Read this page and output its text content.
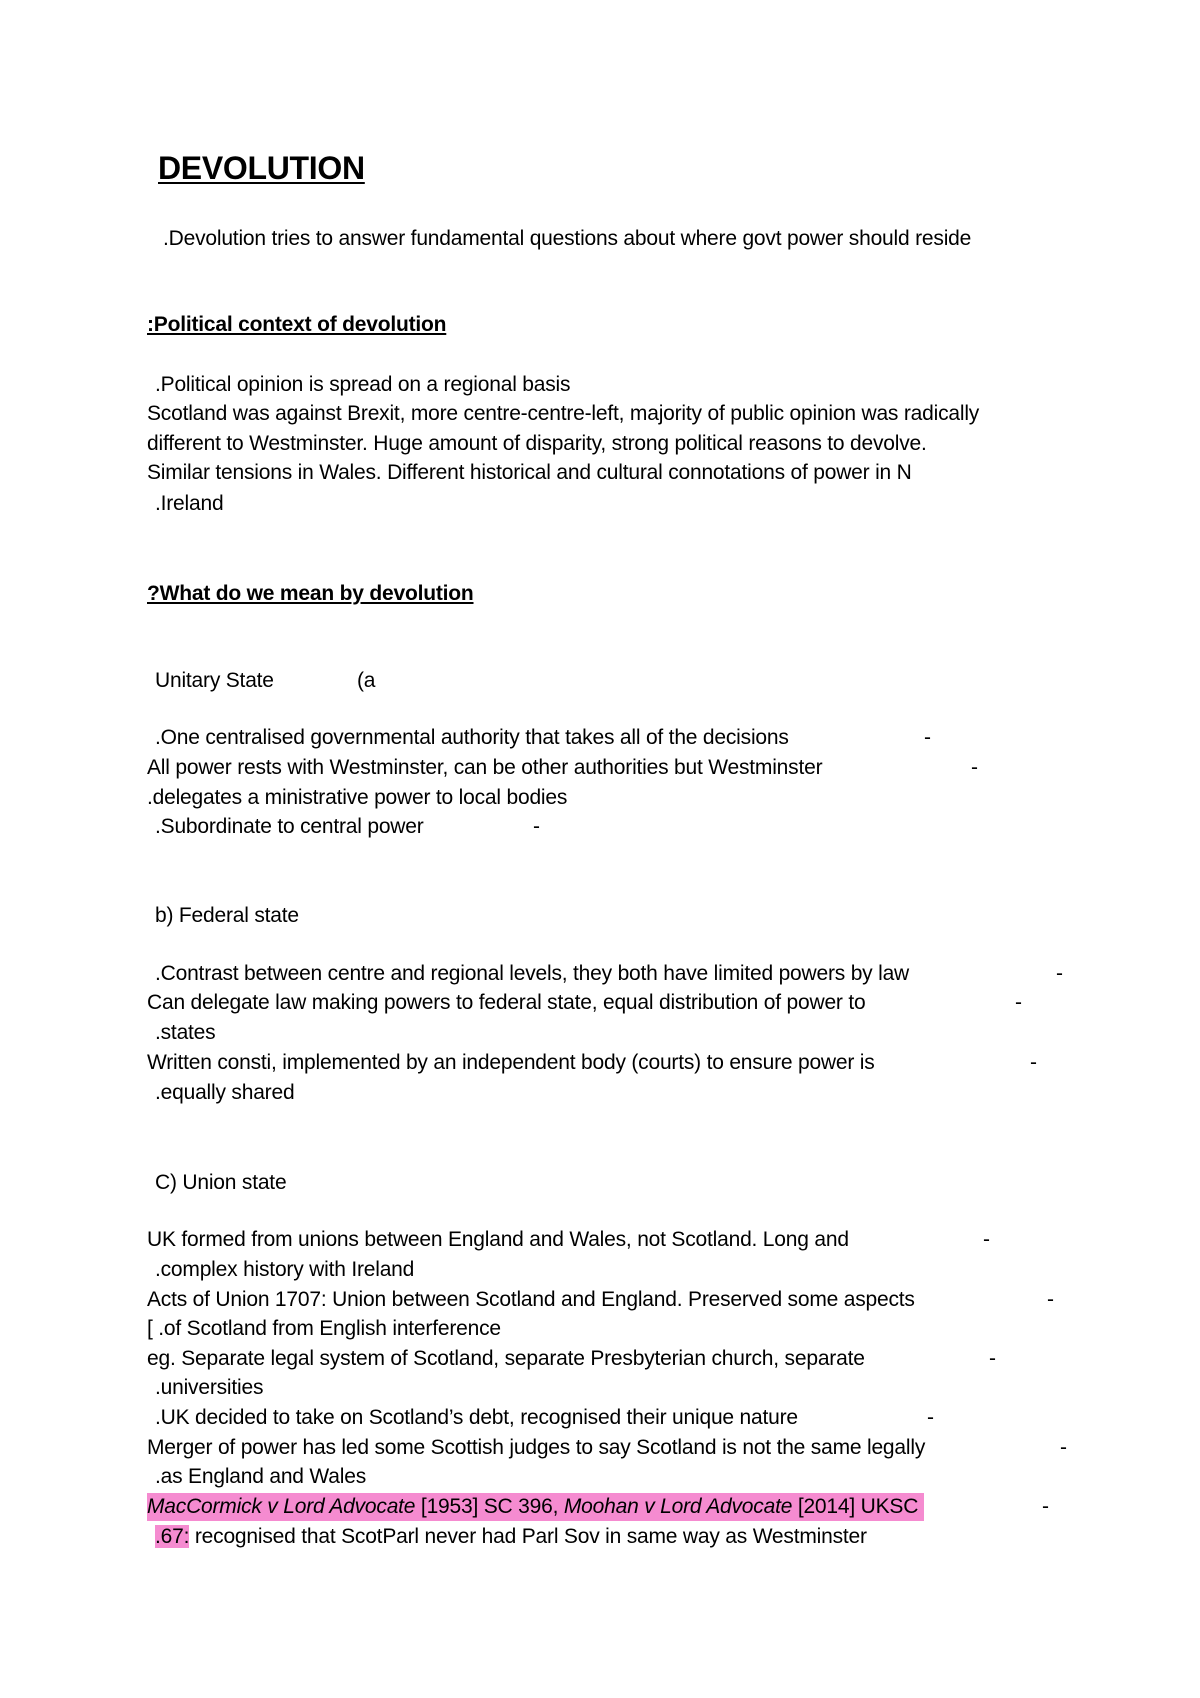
DEVOLUTION
.Devolution tries to answer fundamental questions about where govt power should reside
:Political context of devolution
.Political opinion is spread on a regional basis
Scotland was against Brexit, more centre-centre-left, majority of public opinion was radically
different to Westminster. Huge amount of disparity, strong political reasons to devolve.
Similar tensions in Wales. Different historical and cultural connotations of power in N
.Ireland
?What do we mean by devolution
Unitary State	(a
.One centralised governmental authority that takes all of the decisions	-
All power rests with Westminster, can be other authorities but Westminster	-
.delegates a ministrative power to local bodies
.Subordinate to central power	-
b) Federal state
.Contrast between centre and regional levels, they both have limited powers by law	-
Can delegate law making powers to federal state, equal distribution of power to	-
.states
Written consti, implemented by an independent body (courts) to ensure power is	-
.equally shared
C) Union state
UK formed from unions between England and Wales, not Scotland. Long and	-
.complex history with Ireland
Acts of Union 1707: Union between Scotland and England. Preserved some aspects	-
[ .of Scotland from English interference
eg. Separate legal system of Scotland, separate Presbyterian church, separate	-
.universities
.UK decided to take on Scotland’s debt, recognised their unique nature	-
Merger of power has led some Scottish judges to say Scotland is not the same legally	-
.as England and Wales
MacCormick v Lord Advocate [1953] SC 396, Moohan v Lord Advocate [2014] UKSC	-
.67: recognised that ScotParl never had Parl Sov in same way as Westminster
